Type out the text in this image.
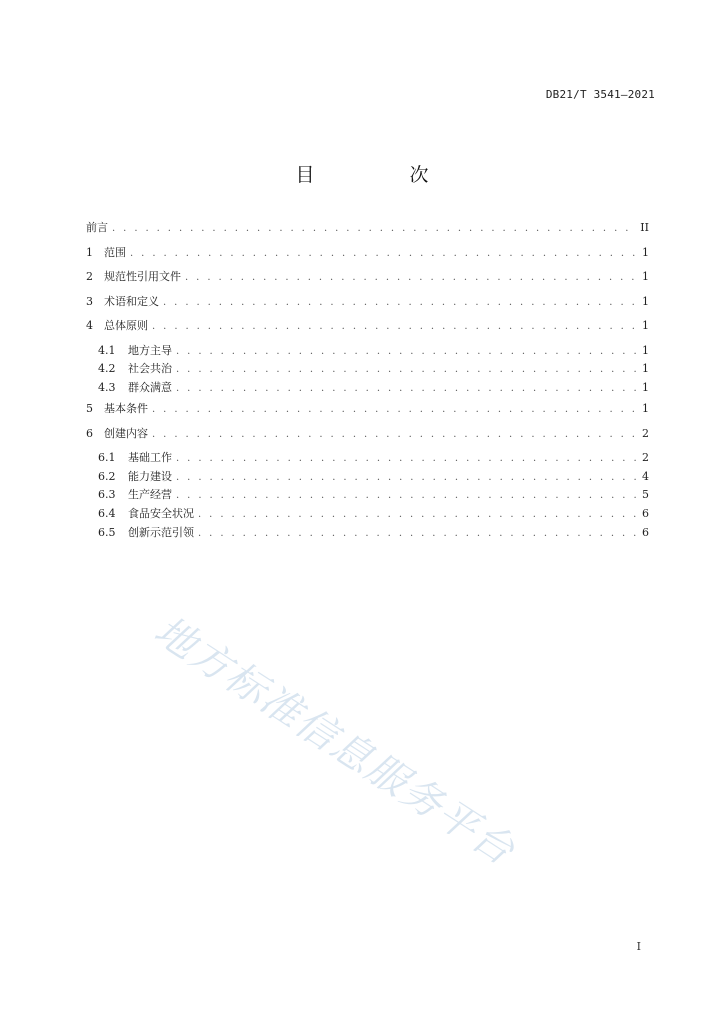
DB21/T 3541—2021
目　次
前言 . . .	II
1	范围 . . .	1
2	规范性引用文件 . . .	1
3	术语和定义 . . .	1
4	总体原则 . . .	1
4.1	地方主导 . . .	1
4.2	社会共治 . . .	1
4.3	群众满意 . . .	1
5	基本条件 . . .	1
6	创建内容 . . .	2
6.1	基础工作 . . .	2
6.2	能力建设 . . .	4
6.3	生产经营 . . .	5
6.4	食品安全状况 . . .	6
6.5	创新示范引领 . . .	6
地方标准信息服务平台
I
